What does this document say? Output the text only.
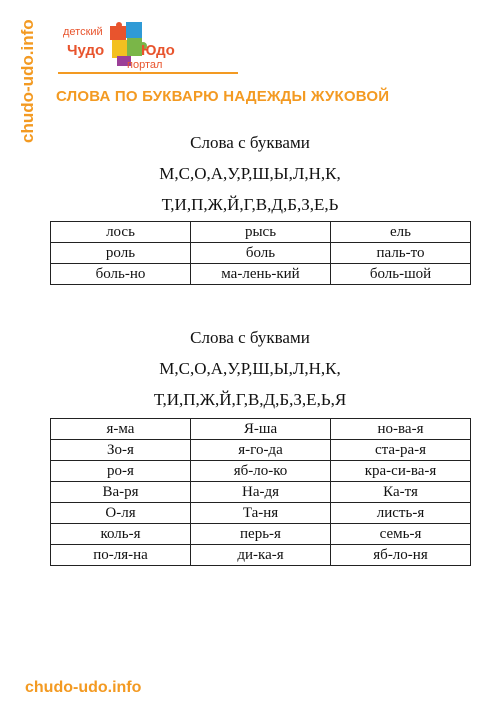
chudo-udo.info детский
Чудо Юдо
портал
СЛОВА ПО БУКВАРЮ НАДЕЖДЫ ЖУКОВОЙ
Слова с буквами
М,С,О,А,У,Р,Ш,Ы,Л,Н,К,
Т,И,П,Ж,Й,Г,В,Д,Б,З,Е,Ь
лось	рысь	ель
роль	боль	паль-то
боль-но	ма-лень-кий	боль-шой
Слова с буквами
М,С,О,А,У,Р,Ш,Ы,Л,Н,К,
Т,И,П,Ж,Й,Г,В,Д,Б,З,Е,Ь,Я
я-ма	Я-ша	но-ва-я
Зо-я	я-го-да	ста-ра-я
ро-я	яб-ло-ко	кра-си-ва-я
Ва-ря	На-дя	Ка-тя
О-ля	Та-ня	листь-я
коль-я	перь-я	семь-я
по-ля-на	ди-ка-я	яб-ло-ня
chudo-udo.info
